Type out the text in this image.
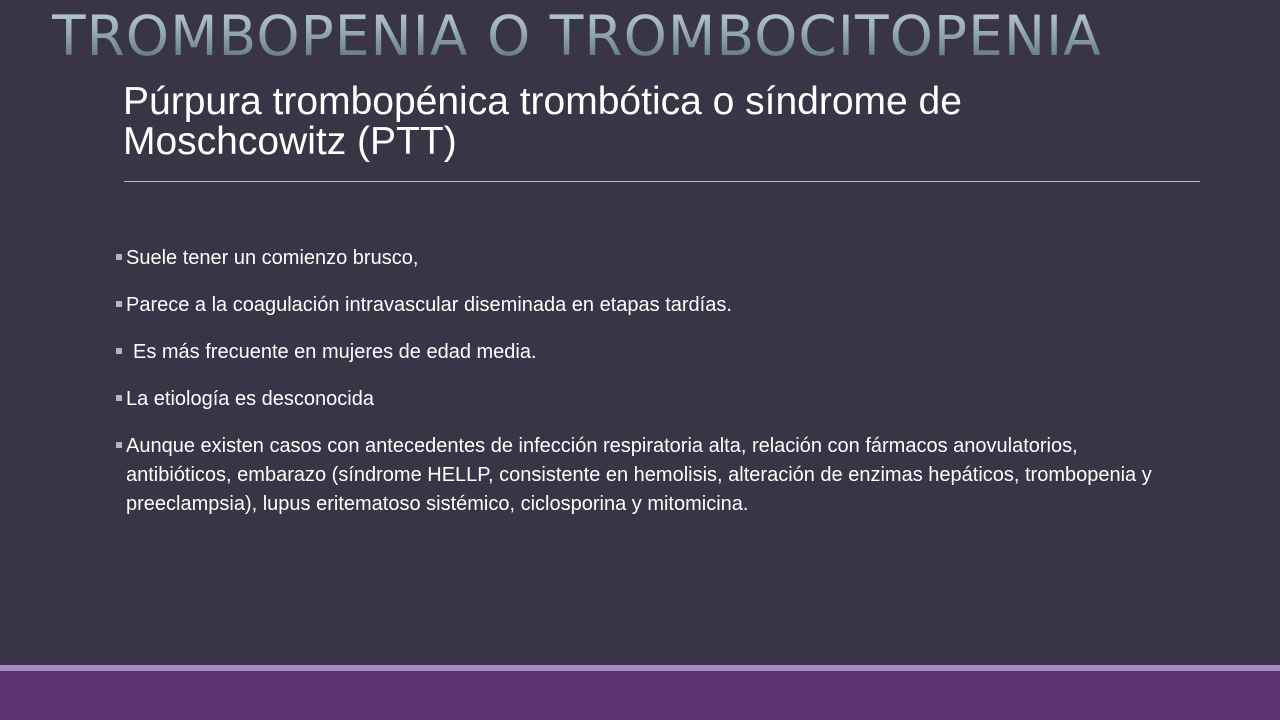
TROMBOPENIA O TROMBOCITOPENIA
Púrpura trombopénica trombótica o síndrome de Moschcowitz (PTT)
Suele tener un comienzo brusco,
Parece a la coagulación intravascular diseminada en etapas tardías.
Es más frecuente en mujeres de edad media.
La etiología es desconocida
Aunque existen casos con antecedentes de infección respiratoria alta, relación con fármacos anovulatorios, antibióticos, embarazo (síndrome HELLP, consistente en hemolisis, alteración de enzimas hepáticos, trombopenia y preeclampsia), lupus eritematoso sistémico, ciclosporina y mitomicina.
